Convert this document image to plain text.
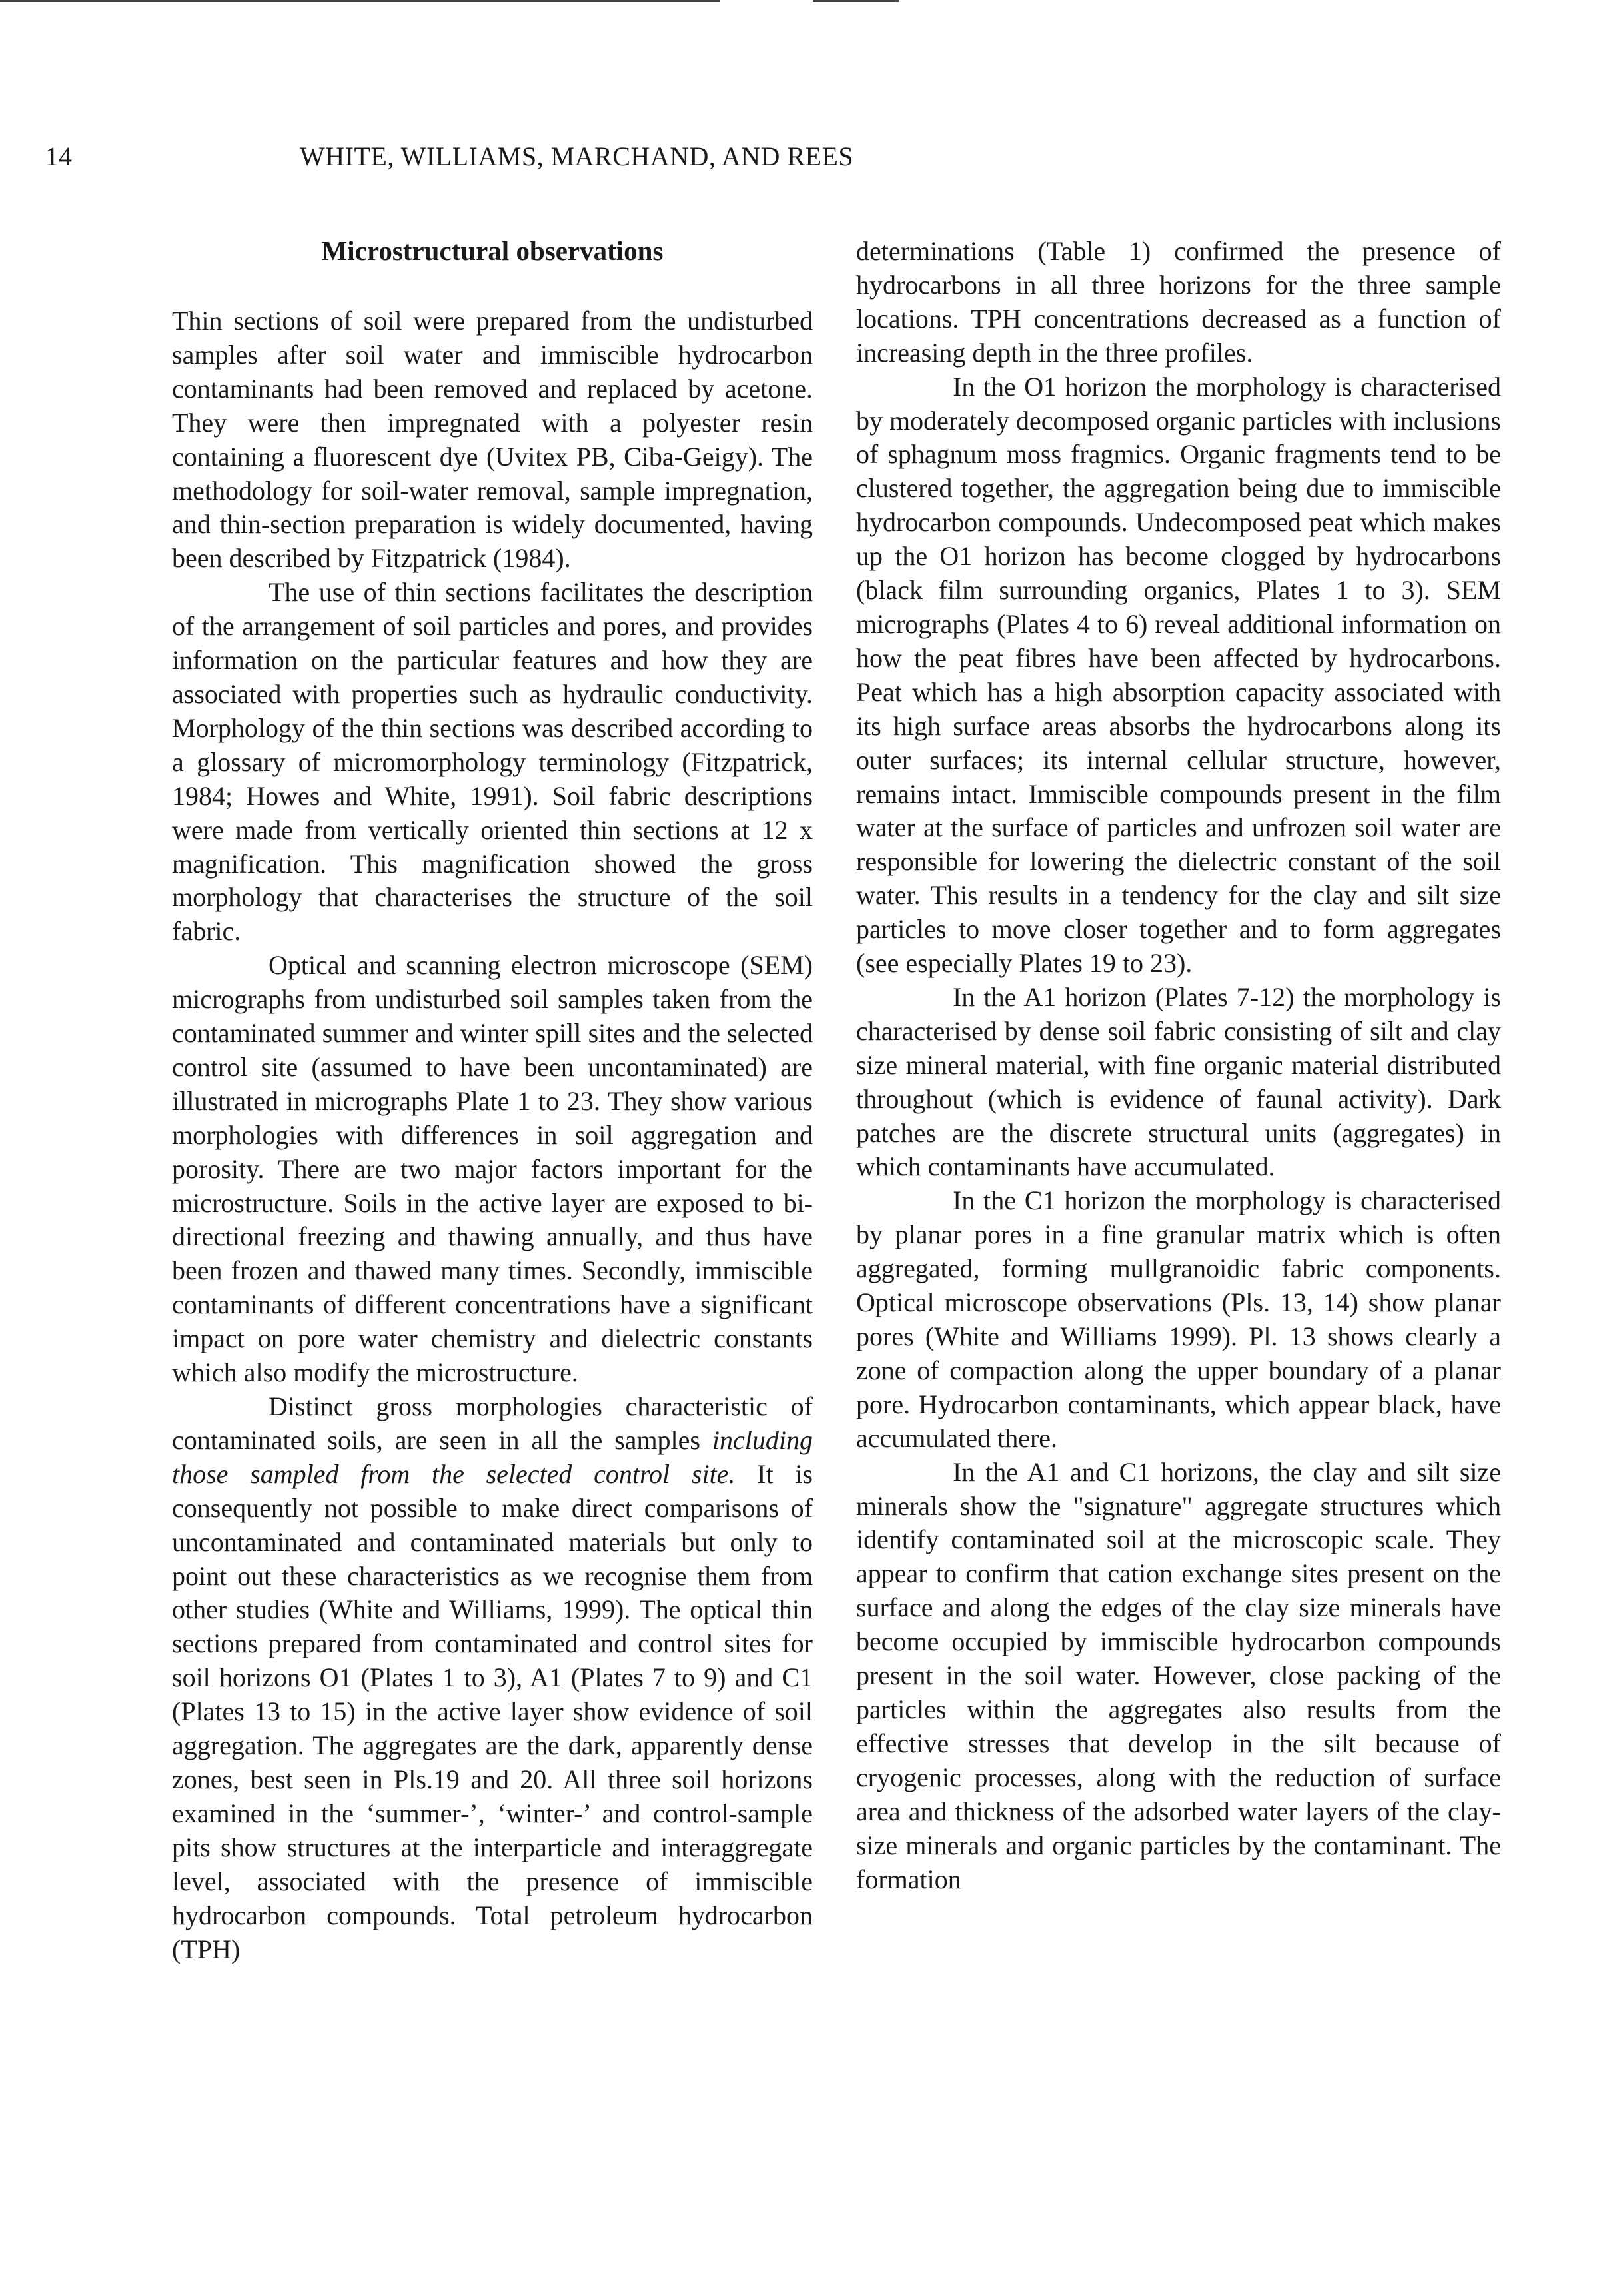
14	WHITE, WILLIAMS, MARCHAND, AND REES
Microstructural observations

Thin sections of soil were prepared from the undisturbed samples after soil water and immiscible hydrocarbon contaminants had been removed and replaced by acetone. They were then impregnated with a polyester resin containing a fluorescent dye (Uvitex PB, Ciba-Geigy). The methodology for soil-water removal, sample impregnation, and thin-section preparation is widely documented, having been described by Fitzpatrick (1984).

The use of thin sections facilitates the description of the arrangement of soil particles and pores, and provides information on the particular features and how they are associated with properties such as hydraulic conductivity. Morphology of the thin sections was described according to a glossary of micromorphology terminology (Fitzpatrick, 1984; Howes and White, 1991). Soil fabric descriptions were made from vertically oriented thin sections at 12 x magnification. This magnification showed the gross morphology that characterises the structure of the soil fabric.

Optical and scanning electron microscope (SEM) micrographs from undisturbed soil samples taken from the contaminated summer and winter spill sites and the selected control site (assumed to have been uncontaminated) are illustrated in micrographs Plate 1 to 23. They show various morphologies with differences in soil aggregation and porosity. There are two major factors important for the microstructure. Soils in the active layer are exposed to bi-directional freezing and thawing annually, and thus have been frozen and thawed many times. Secondly, immiscible contaminants of different concentrations have a significant impact on pore water chemistry and dielectric constants which also modify the microstructure.

Distinct gross morphologies characteristic of contaminated soils, are seen in all the samples including those sampled from the selected control site. It is consequently not possible to make direct comparisons of uncontaminated and contaminated materials but only to point out these characteristics as we recognise them from other studies (White and Williams, 1999). The optical thin sections prepared from contaminated and control sites for soil horizons O1 (Plates 1 to 3), A1 (Plates 7 to 9) and C1 (Plates 13 to 15) in the active layer show evidence of soil aggregation. The aggregates are the dark, apparently dense zones, best seen in Pls.19 and 20. All three soil horizons examined in the ‘summer-’, ‘winter-’ and control-sample pits show structures at the interparticle and interaggregate level, associated with the presence of immiscible hydrocarbon compounds. Total petroleum hydrocarbon (TPH)

determinations (Table 1) confirmed the presence of hydrocarbons in all three horizons for the three sample locations. TPH concentrations decreased as a function of increasing depth in the three profiles.

In the O1 horizon the morphology is characterised by moderately decomposed organic particles with inclusions of sphagnum moss fragmics. Organic fragments tend to be clustered together, the aggregation being due to immiscible hydrocarbon compounds. Undecomposed peat which makes up the O1 horizon has become clogged by hydrocarbons (black film surrounding organics, Plates 1 to 3). SEM micrographs (Plates 4 to 6) reveal additional information on how the peat fibres have been affected by hydrocarbons. Peat which has a high absorption capacity associated with its high surface areas absorbs the hydrocarbons along its outer surfaces; its internal cellular structure, however, remains intact. Immiscible compounds present in the film water at the surface of particles and unfrozen soil water are responsible for lowering the dielectric constant of the soil water. This results in a tendency for the clay and silt size particles to move closer together and to form aggregates (see especially Plates 19 to 23).

In the A1 horizon (Plates 7-12) the morphology is characterised by dense soil fabric consisting of silt and clay size mineral material, with fine organic material distributed throughout (which is evidence of faunal activity). Dark patches are the discrete structural units (aggregates) in which contaminants have accumulated.

In the C1 horizon the morphology is characterised by planar pores in a fine granular matrix which is often aggregated, forming mullgranoidic fabric components. Optical microscope observations (Pls. 13, 14) show planar pores (White and Williams 1999). Pl. 13 shows clearly a zone of compaction along the upper boundary of a planar pore. Hydrocarbon contaminants, which appear black, have accumulated there.

In the A1 and C1 horizons, the clay and silt size minerals show the "signature" aggregate structures which identify contaminated soil at the microscopic scale. They appear to confirm that cation exchange sites present on the surface and along the edges of the clay size minerals have become occupied by immiscible hydrocarbon compounds present in the soil water. However, close packing of the particles within the aggregates also results from the effective stresses that develop in the silt because of cryogenic processes, along with the reduction of surface area and thickness of the adsorbed water layers of the clay-size minerals and organic particles by the contaminant. The formation
